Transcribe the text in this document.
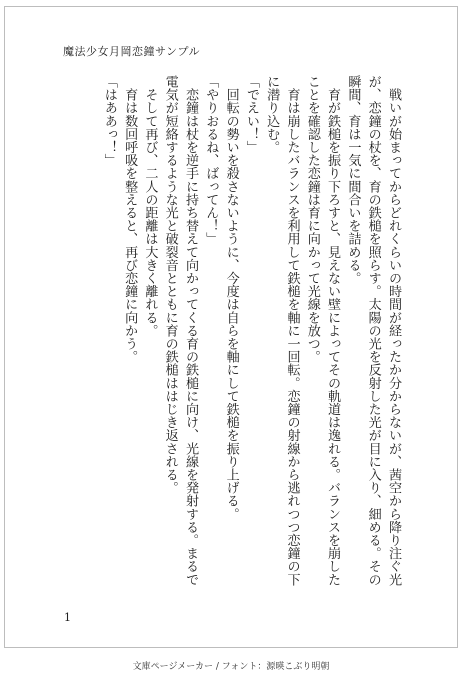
魔法少女月岡恋鐘サンプル

　戦いが始まってからどれくらいの時間が経ったか分からないが、茜空から降り注ぐ光が、恋鐘の杖を、育の鉄槌を照らす。太陽の光を反射した光が目に入り、細める。その瞬間、育は一気に間合いを詰める。

　育が鉄槌を振り下ろすと、見えない壁によってその軌道は逸れる。バランスを崩したことを確認した恋鐘は育に向かって光線を放つ。

　育は崩したバランスを利用して鉄槌を軸に一回転。恋鐘の射線から逃れつつ恋鐘の下に潜り込む。

「でえい！」

　回転の勢いを殺さないように、今度は自らを軸にして鉄槌を振り上げる。

「やりおるね、ばってん！」

　恋鐘は杖を逆手に持ち替えて向かってくる育の鉄槌に向け、光線を発射する。まるで電気が短絡するような光と破裂音とともに育の鉄槌ははじき返される。

　そして再び、二人の距離は大きく離れる。

　育は数回呼吸を整えると、再び恋鐘に向かう。

「はああっ！」

1
文庫ページメーカー / フォント：源暎こぶり明朝
